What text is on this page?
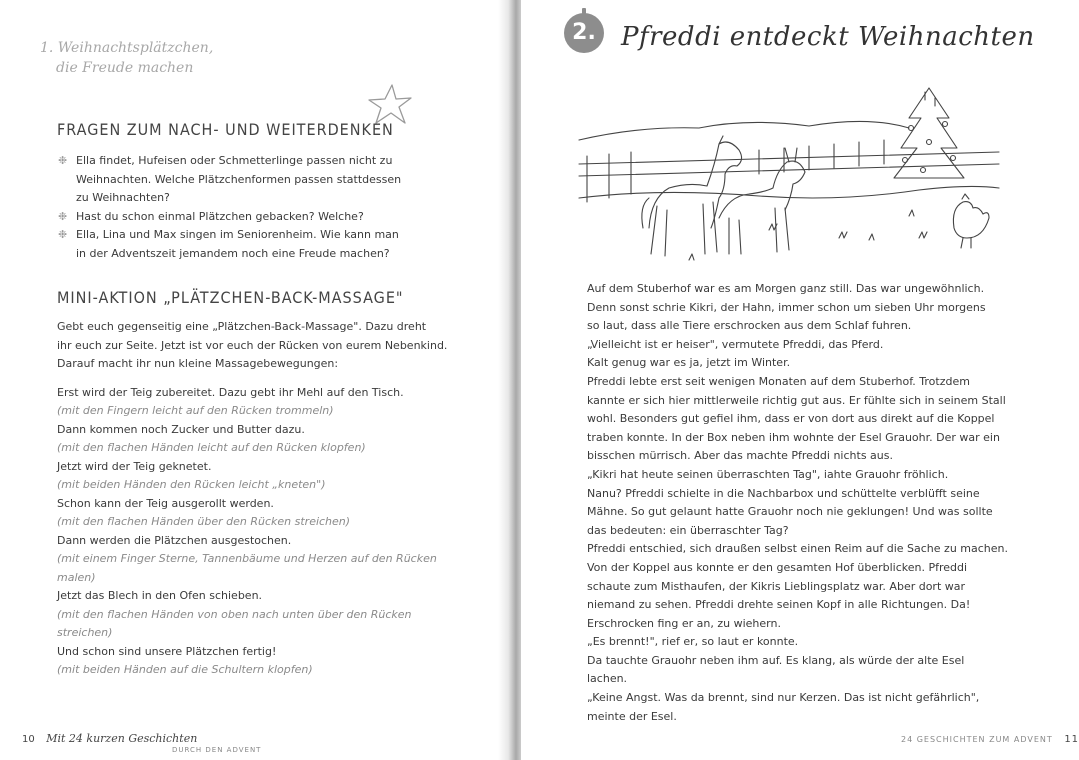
1. Weihnachtsplätzchen,
die Freude machen
FRAGEN ZUM NACH- UND WEITERDENKEN
❉ Ella findet, Hufeisen oder Schmetterlinge passen nicht zu
Weihnachten. Welche Plätzchenformen passen stattdessen
zu Weihnachten?
❉ Hast du schon einmal Plätzchen gebacken? Welche?
❉ Ella, Lina und Max singen im Seniorenheim. Wie kann man
in der Adventszeit jemandem noch eine Freude machen?
MINI-AKTION „PLÄTZCHEN-BACK-MASSAGE"
Gebt euch gegenseitig eine „Plätzchen-Back-Massage". Dazu dreht
ihr euch zur Seite. Jetzt ist vor euch der Rücken von eurem Nebenkind.
Darauf macht ihr nun kleine Massagebewegungen:
Erst wird der Teig zubereitet. Dazu gebt ihr Mehl auf den Tisch.
(mit den Fingern leicht auf den Rücken trommeln)
Dann kommen noch Zucker und Butter dazu.
(mit den flachen Händen leicht auf den Rücken klopfen)
Jetzt wird der Teig geknetet.
(mit beiden Händen den Rücken leicht „kneten")
Schon kann der Teig ausgerollt werden.
(mit den flachen Händen über den Rücken streichen)
Dann werden die Plätzchen ausgestochen.
(mit einem Finger Sterne, Tannenbäume und Herzen auf den Rücken
malen)
Jetzt das Blech in den Ofen schieben.
(mit den flachen Händen von oben nach unten über den Rücken
streichen)
Und schon sind unsere Plätzchen fertig!
(mit beiden Händen auf die Schultern klopfen)
10 Mit 24 kurzen Geschichten
DURCH DEN ADVENT
2. Pfreddi entdeckt Weihnachten
Auf dem Stuberhof war es am Morgen ganz still. Das war ungewöhnlich.
Denn sonst schrie Kikri, der Hahn, immer schon um sieben Uhr morgens
so laut, dass alle Tiere erschrocken aus dem Schlaf fuhren.
„Vielleicht ist er heiser", vermutete Pfreddi, das Pferd.
Kalt genug war es ja, jetzt im Winter.
Pfreddi lebte erst seit wenigen Monaten auf dem Stuberhof. Trotzdem
kannte er sich hier mittlerweile richtig gut aus. Er fühlte sich in seinem Stall
wohl. Besonders gut gefiel ihm, dass er von dort aus direkt auf die Koppel
traben konnte. In der Box neben ihm wohnte der Esel Grauohr. Der war ein
bisschen mürrisch. Aber das machte Pfreddi nichts aus.
„Kikri hat heute seinen überraschten Tag", iahte Grauohr fröhlich.
Nanu? Pfreddi schielte in die Nachbarbox und schüttelte verblüfft seine
Mähne. So gut gelaunt hatte Grauohr noch nie geklungen! Und was sollte
das bedeuten: ein überraschter Tag?
Pfreddi entschied, sich draußen selbst einen Reim auf die Sache zu machen.
Von der Koppel aus konnte er den gesamten Hof überblicken. Pfreddi
schaute zum Misthaufen, der Kikris Lieblingsplatz war. Aber dort war
niemand zu sehen. Pfreddi drehte seinen Kopf in alle Richtungen. Da!
Erschrocken fing er an, zu wiehern.
„Es brennt!", rief er, so laut er konnte.
Da tauchte Grauohr neben ihm auf. Es klang, als würde der alte Esel
lachen.
„Keine Angst. Was da brennt, sind nur Kerzen. Das ist nicht gefährlich",
meinte der Esel.
24 GESCHICHTEN ZUM ADVENT 11
